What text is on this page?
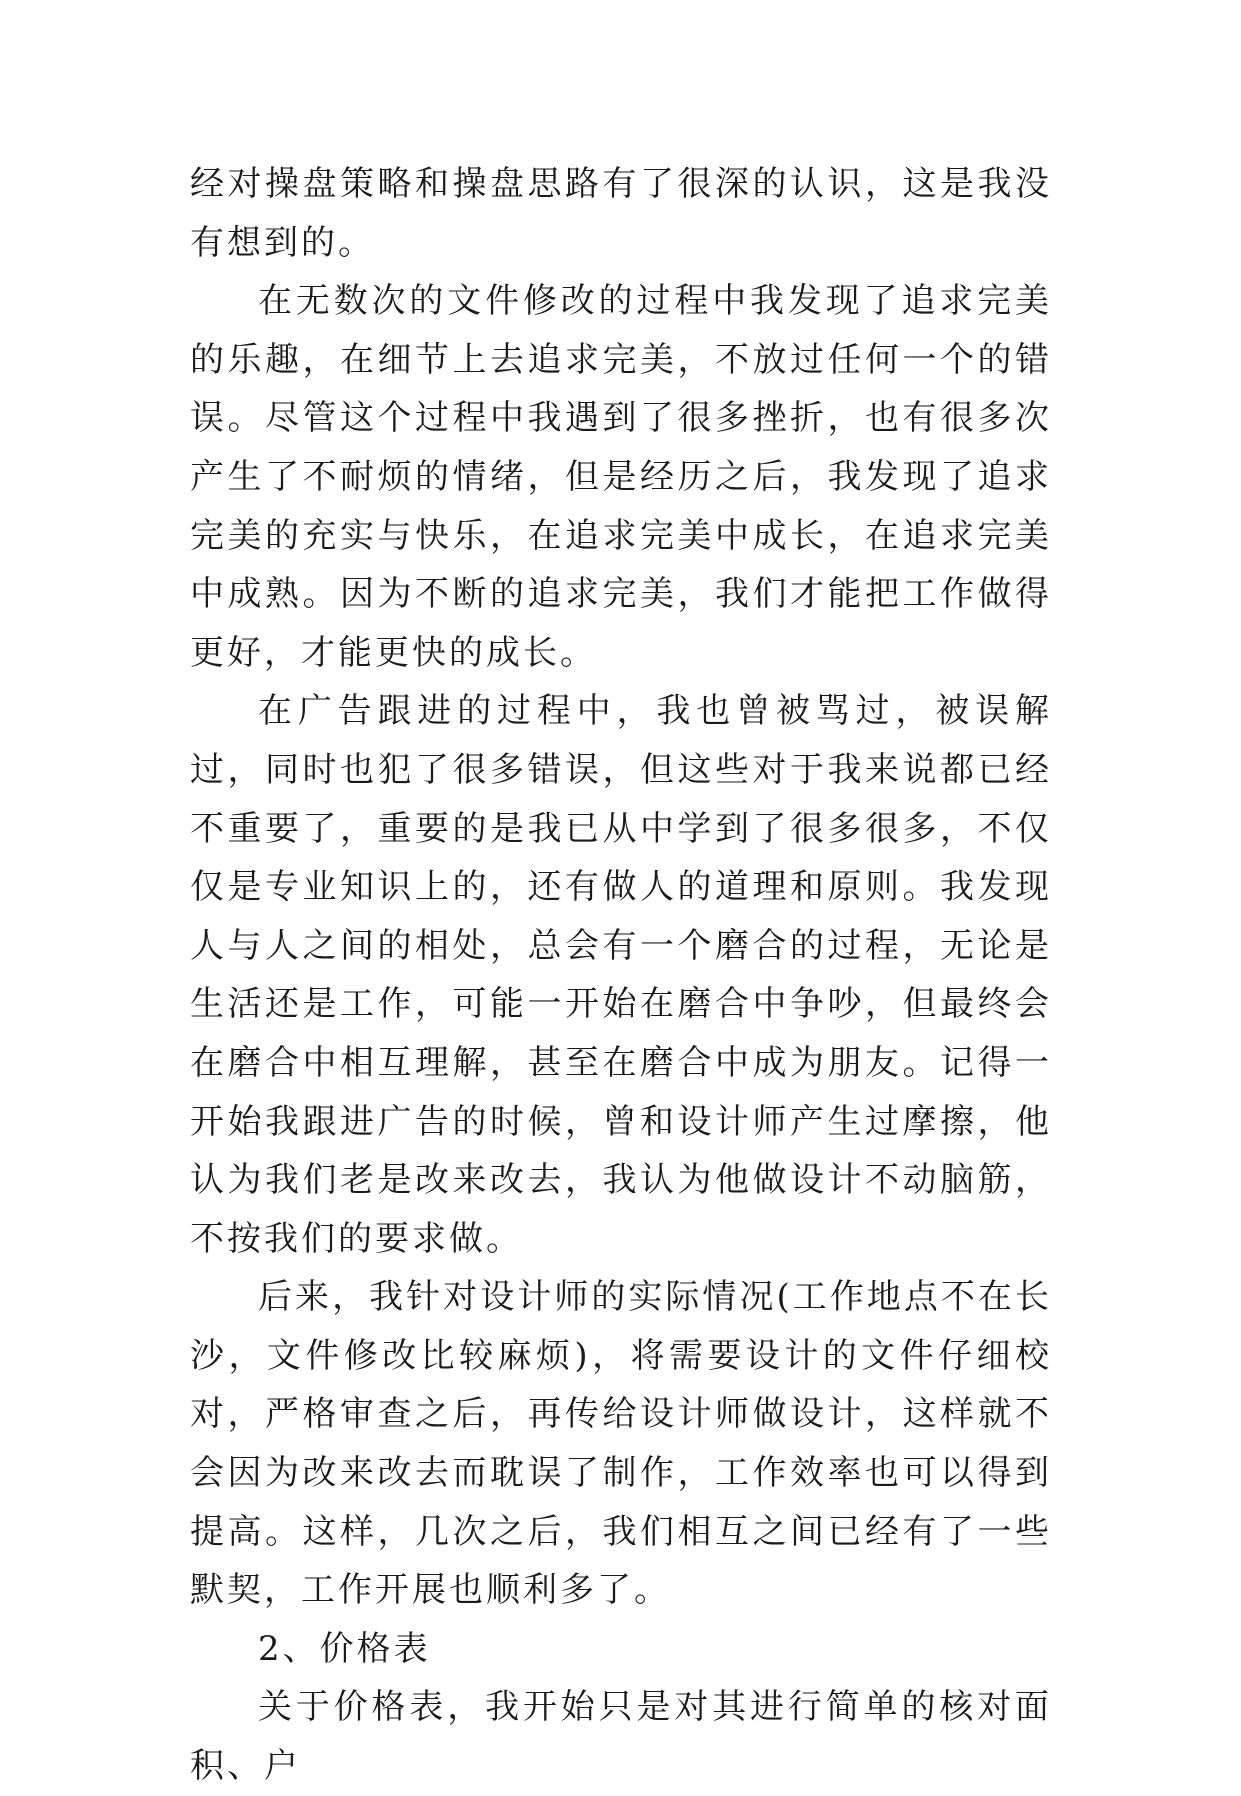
经对操盘策略和操盘思路有了很深的认识，这是我没有想到的。

在无数次的文件修改的过程中我发现了追求完美的乐趣，在细节上去追求完美，不放过任何一个的错误。尽管这个过程中我遇到了很多挫折，也有很多次产生了不耐烦的情绪，但是经历之后，我发现了追求完美的充实与快乐，在追求完美中成长，在追求完美中成熟。因为不断的追求完美，我们才能把工作做得更好，才能更快的成长。

在广告跟进的过程中，我也曾被骂过，被误解过，同时也犯了很多错误，但这些对于我来说都已经不重要了，重要的是我已从中学到了很多很多，不仅仅是专业知识上的，还有做人的道理和原则。我发现人与人之间的相处，总会有一个磨合的过程，无论是生活还是工作，可能一开始在磨合中争吵，但最终会在磨合中相互理解，甚至在磨合中成为朋友。记得一开始我跟进广告的时候，曾和设计师产生过摩擦，他认为我们老是改来改去，我认为他做设计不动脑筋，不按我们的要求做。

后来，我针对设计师的实际情况(工作地点不在长沙，文件修改比较麻烦)，将需要设计的文件仔细校对，严格审查之后，再传给设计师做设计，这样就不会因为改来改去而耽误了制作，工作效率也可以得到提高。这样，几次之后，我们相互之间已经有了一些默契，工作开展也顺利多了。

2、价格表

关于价格表，我开始只是对其进行简单的核对面积、户
